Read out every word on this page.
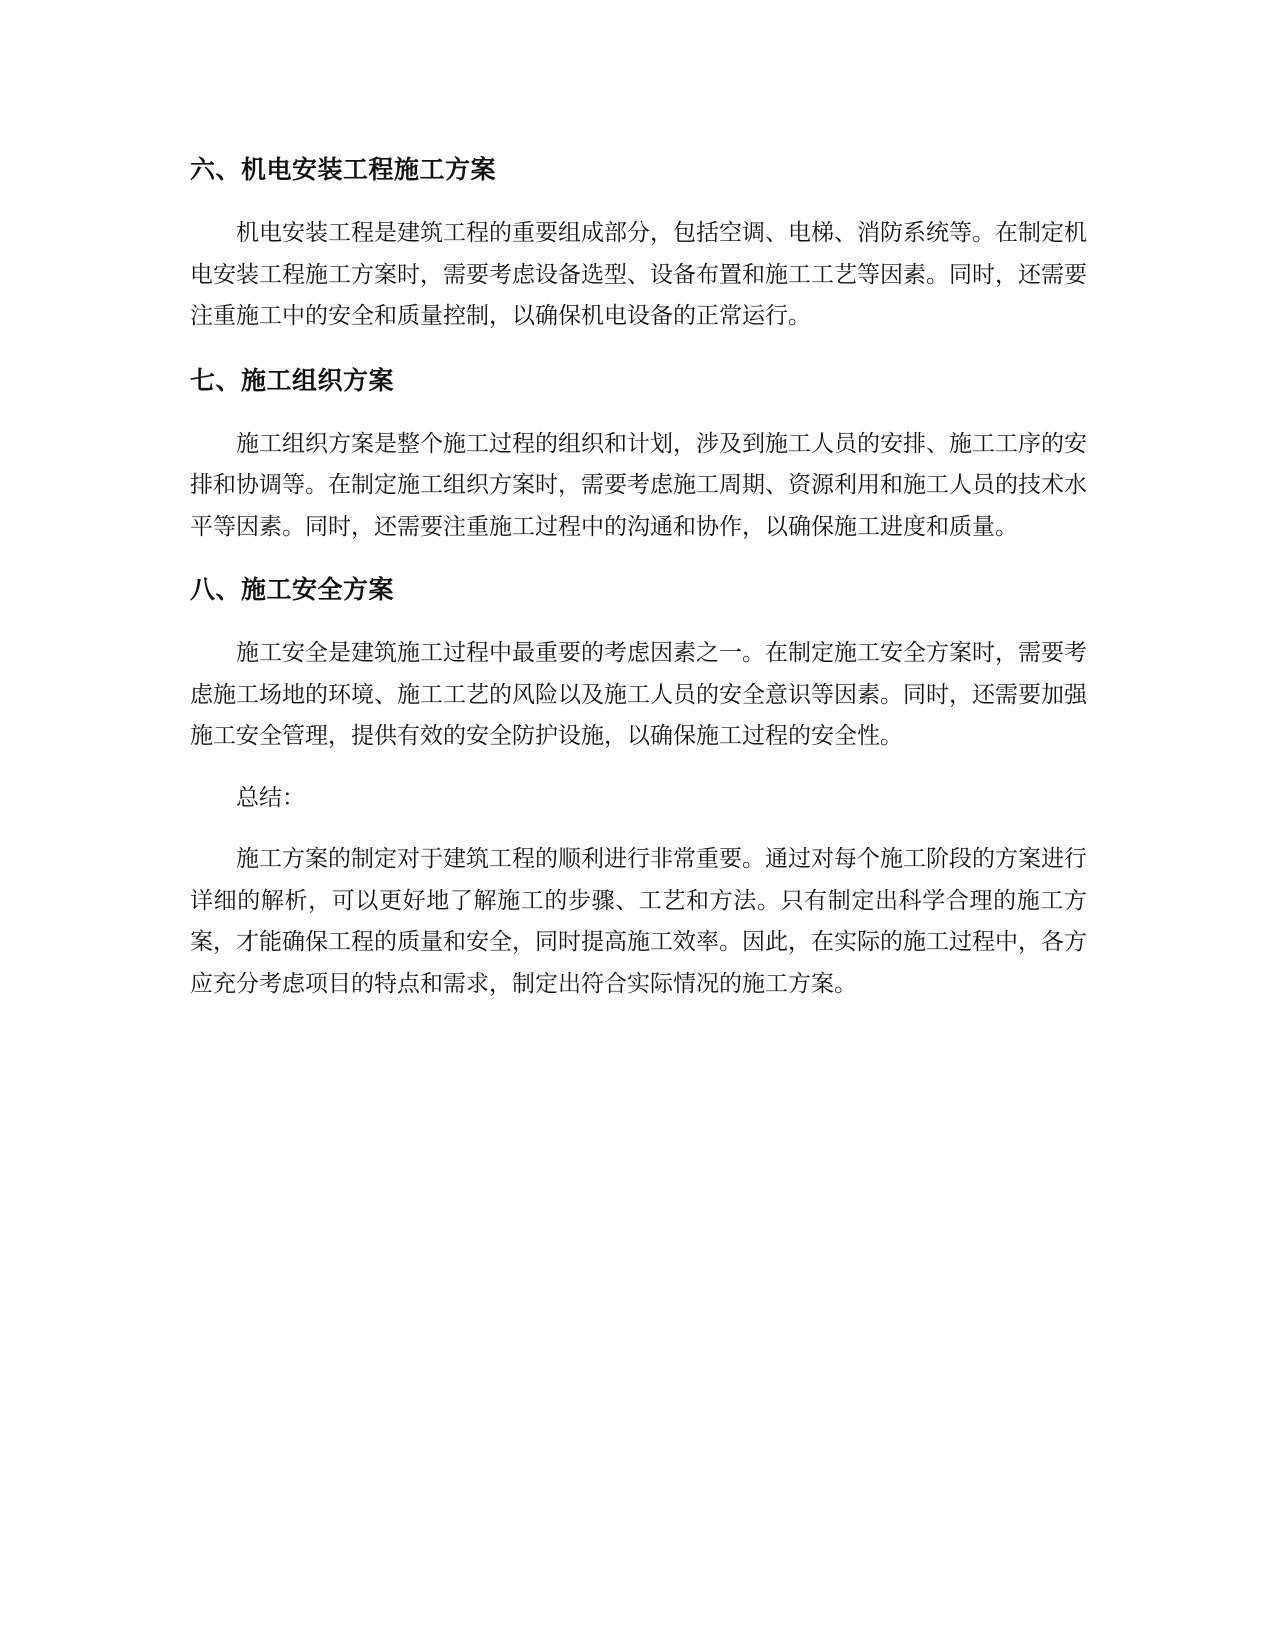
六、机电安装工程施工方案

机电安装工程是建筑工程的重要组成部分，包括空调、电梯、消防系统等。在制定机电安装工程施工方案时，需要考虑设备选型、设备布置和施工工艺等因素。同时，还需要注重施工中的安全和质量控制，以确保机电设备的正常运行。

七、施工组织方案

施工组织方案是整个施工过程的组织和计划，涉及到施工人员的安排、施工工序的安排和协调等。在制定施工组织方案时，需要考虑施工周期、资源利用和施工人员的技术水平等因素。同时，还需要注重施工过程中的沟通和协作，以确保施工进度和质量。

八、施工安全方案

施工安全是建筑施工过程中最重要的考虑因素之一。在制定施工安全方案时，需要考虑施工场地的环境、施工工艺的风险以及施工人员的安全意识等因素。同时，还需要加强施工安全管理，提供有效的安全防护设施，以确保施工过程的安全性。

总结：

施工方案的制定对于建筑工程的顺利进行非常重要。通过对每个施工阶段的方案进行详细的解析，可以更好地了解施工的步骤、工艺和方法。只有制定出科学合理的施工方案，才能确保工程的质量和安全，同时提高施工效率。因此，在实际的施工过程中，各方应充分考虑项目的特点和需求，制定出符合实际情况的施工方案。
